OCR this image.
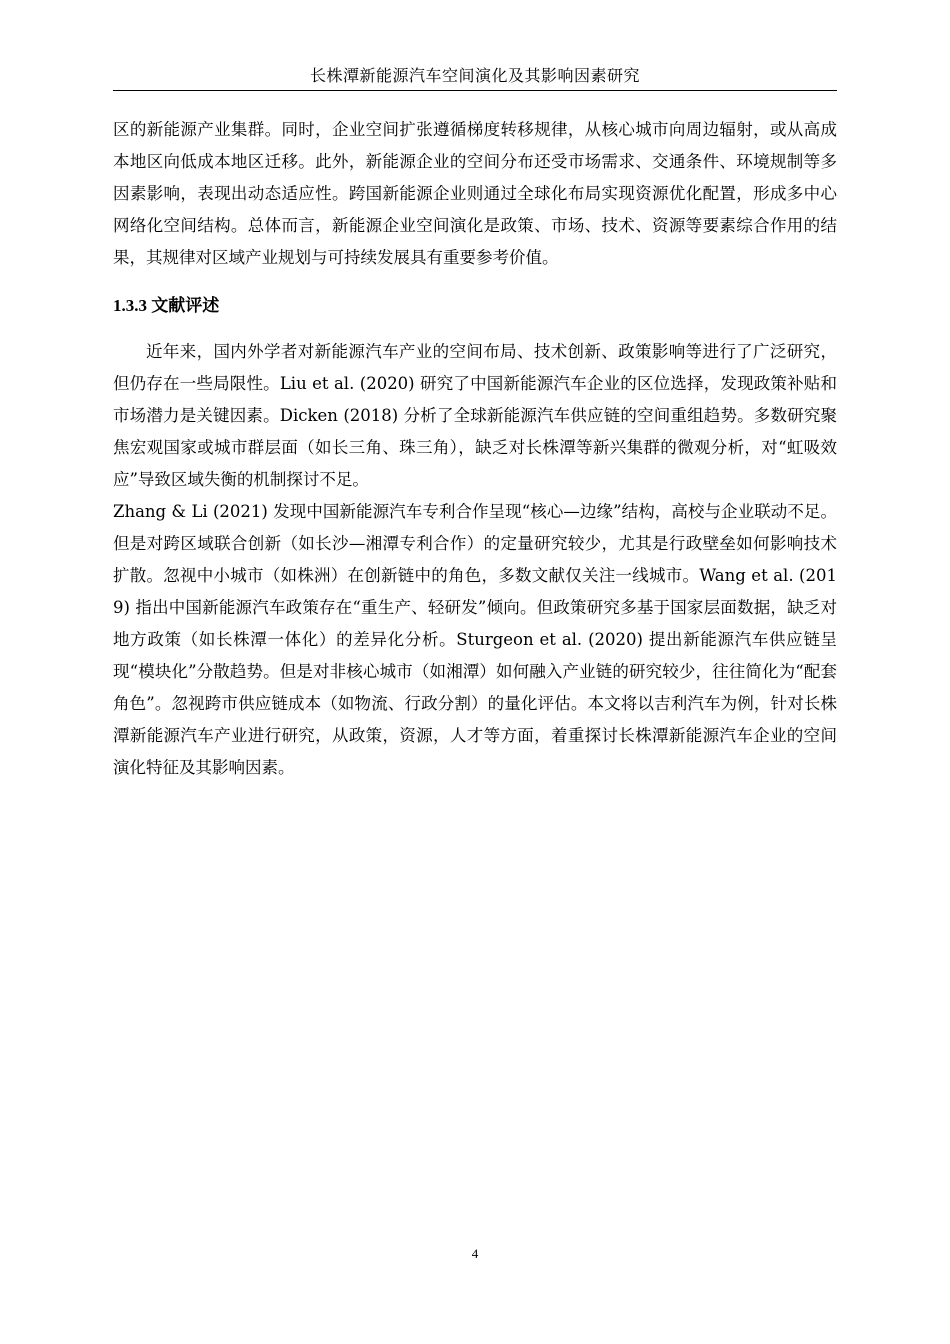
长株潭新能源汽车空间演化及其影响因素研究

区的新能源产业集群。同时，企业空间扩张遵循梯度转移规律，从核心城市向周边辐射，或从高成本地区向低成本地区迁移。此外，新能源企业的空间分布还受市场需求、交通条件、环境规制等多因素影响，表现出动态适应性。跨国新能源企业则通过全球化布局实现资源优化配置，形成多中心网络化空间结构。总体而言，新能源企业空间演化是政策、市场、技术、资源等要素综合作用的结果，其规律对区域产业规划与可持续发展具有重要参考价值。

1.3.3 文献评述

近年来，国内外学者对新能源汽车产业的空间布局、技术创新、政策影响等进行了广泛研究，但仍存在一些局限性。Liu et al. (2020) 研究了中国新能源汽车企业的区位选择，发现政策补贴和市场潜力是关键因素。Dicken (2018) 分析了全球新能源汽车供应链的空间重组趋势。多数研究聚焦宏观国家或城市群层面（如长三角、珠三角），缺乏对长株潭等新兴集群的微观分析，对“虹吸效应”导致区域失衡的机制探讨不足。

Zhang & Li (2021) 发现中国新能源汽车专利合作呈现“核心—边缘”结构，高校与企业联动不足。但是对跨区域联合创新（如长沙—湘潭专利合作）的定量研究较少，尤其是行政壁垒如何影响技术扩散。忽视中小城市（如株洲）在创新链中的角色，多数文献仅关注一线城市。Wang et al. (2019) 指出中国新能源汽车政策存在“重生产、轻研发”倾向。但政策研究多基于国家层面数据，缺乏对地方政策（如长株潭一体化）的差异化分析。Sturgeon et al. (2020) 提出新能源汽车供应链呈现“模块化”分散趋势。但是对非核心城市（如湘潭）如何融入产业链的研究较少，往往简化为“配套角色”。忽视跨市供应链成本（如物流、行政分割）的量化评估。本文将以吉利汽车为例，针对长株潭新能源汽车产业进行研究，从政策，资源，人才等方面，着重探讨长株潭新能源汽车企业的空间演化特征及其影响因素。

4
